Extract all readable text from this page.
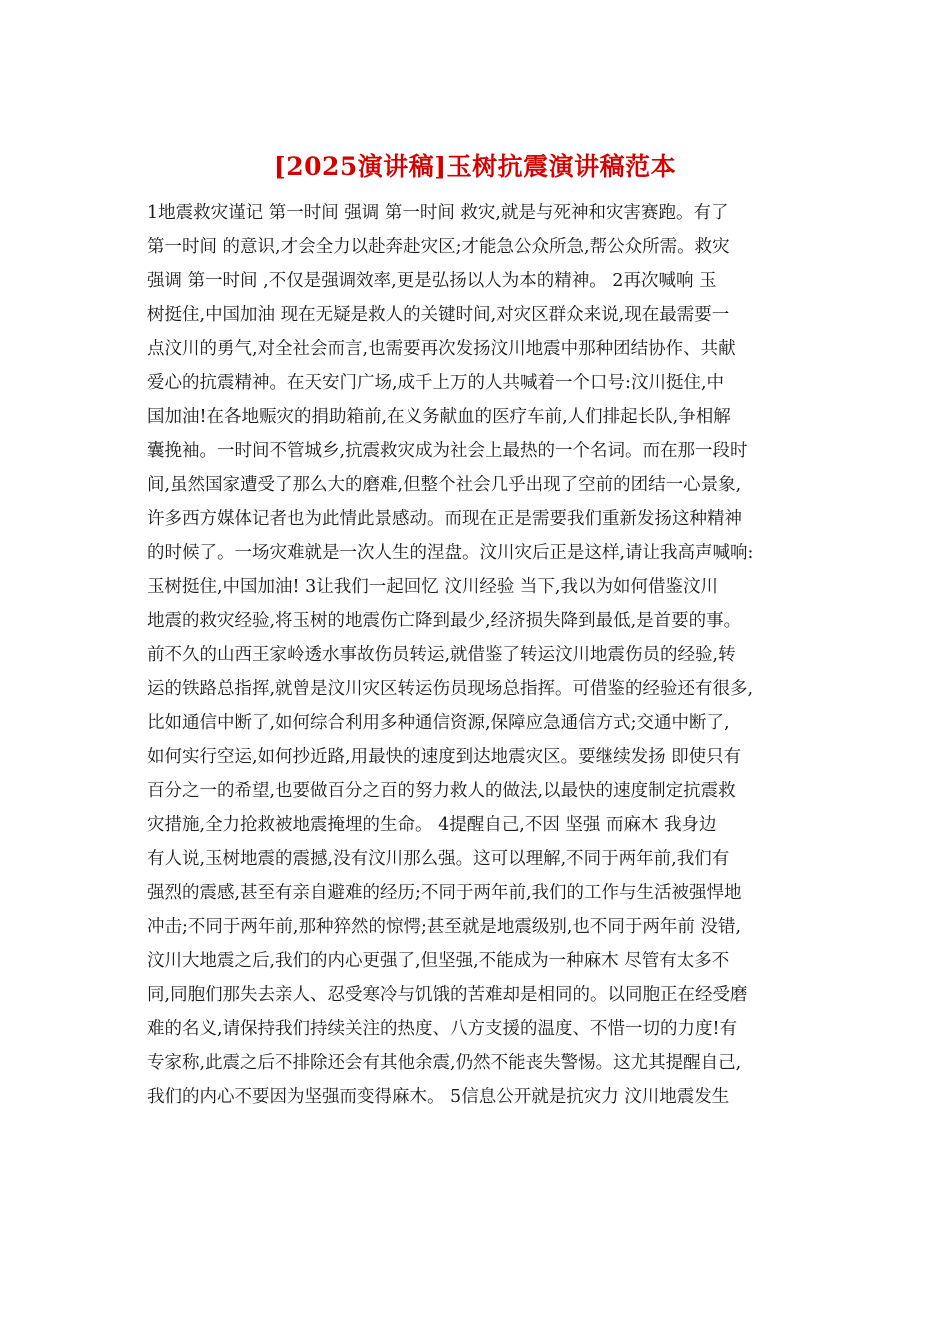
[2025演讲稿]玉树抗震演讲稿范本
1地震救灾谨记 第一时间 强调 第一时间 救灾,就是与死神和灾害赛跑。有了
第一时间 的意识,才会全力以赴奔赴灾区;才能急公众所急,帮公众所需。救灾
强调 第一时间 ,不仅是强调效率,更是弘扬以人为本的精神。 2再次喊响 玉
树挺住,中国加油 现在无疑是救人的关键时间,对灾区群众来说,现在最需要一
点汶川的勇气,对全社会而言,也需要再次发扬汶川地震中那种团结协作、共献
爱心的抗震精神。在天安门广场,成千上万的人共喊着一个口号:汶川挺住,中
国加油!在各地赈灾的捐助箱前,在义务献血的医疗车前,人们排起长队,争相解
囊挽袖。一时间不管城乡,抗震救灾成为社会上最热的一个名词。而在那一段时
间,虽然国家遭受了那么大的磨难,但整个社会几乎出现了空前的团结一心景象,
许多西方媒体记者也为此情此景感动。而现在正是需要我们重新发扬这种精神
的时候了。一场灾难就是一次人生的涅盘。汶川灾后正是这样,请让我高声喊响:
玉树挺住,中国加油! 3让我们一起回忆 汶川经验 当下,我以为如何借鉴汶川
地震的救灾经验,将玉树的地震伤亡降到最少,经济损失降到最低,是首要的事。
前不久的山西王家岭透水事故伤员转运,就借鉴了转运汶川地震伤员的经验,转
运的铁路总指挥,就曾是汶川灾区转运伤员现场总指挥。可借鉴的经验还有很多,
比如通信中断了,如何综合利用多种通信资源,保障应急通信方式;交通中断了,
如何实行空运,如何抄近路,用最快的速度到达地震灾区。要继续发扬 即使只有
百分之一的希望,也要做百分之百的努力救人的做法,以最快的速度制定抗震救
灾措施,全力抢救被地震掩埋的生命。 4提醒自己,不因 坚强 而麻木 我身边
有人说,玉树地震的震撼,没有汶川那么强。这可以理解,不同于两年前,我们有
强烈的震感,甚至有亲自避难的经历;不同于两年前,我们的工作与生活被强悍地
冲击;不同于两年前,那种猝然的惊愕;甚至就是地震级别,也不同于两年前 没错,
汶川大地震之后,我们的内心更强了,但坚强,不能成为一种麻木 尽管有太多不
同,同胞们那失去亲人、忍受寒冷与饥饿的苦难却是相同的。以同胞正在经受磨
难的名义,请保持我们持续关注的热度、八方支援的温度、不惜一切的力度!有
专家称,此震之后不排除还会有其他余震,仍然不能丧失警惕。这尤其提醒自己,
我们的内心不要因为坚强而变得麻木。 5信息公开就是抗灾力 汶川地震发生
